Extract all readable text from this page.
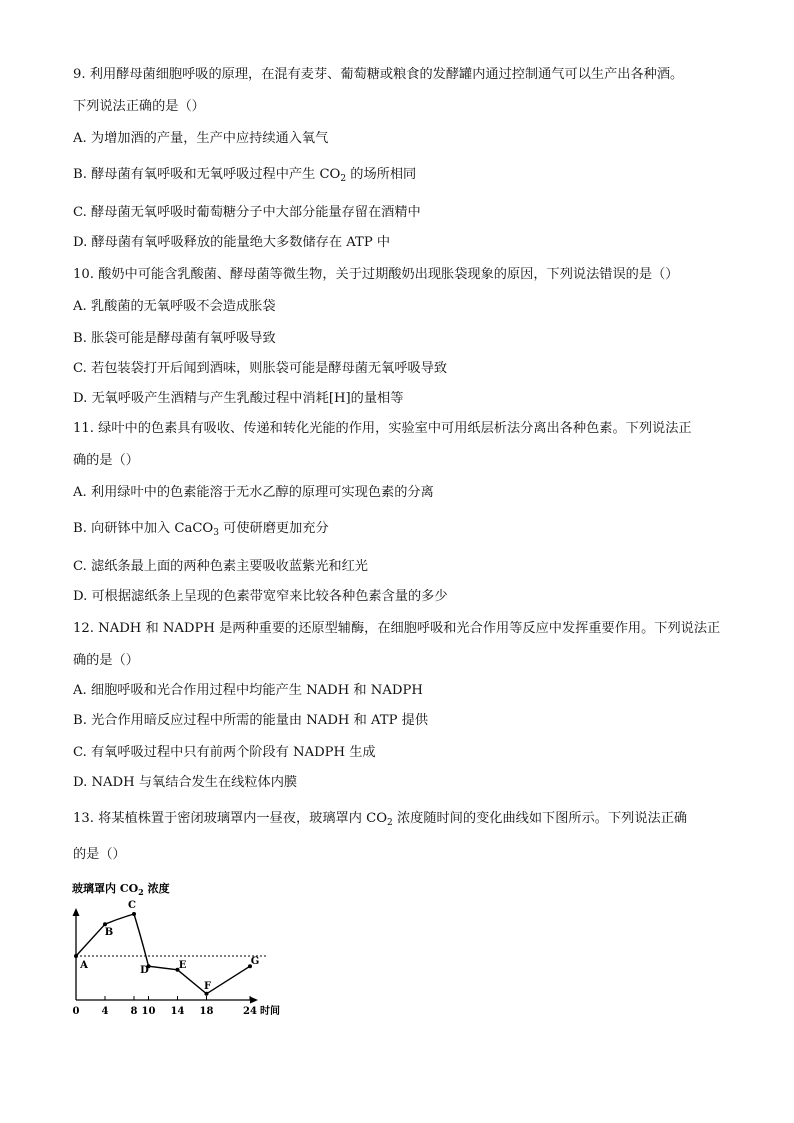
9. 利用酵母菌细胞呼吸的原理，在混有麦芽、葡萄糖或粮食的发酵罐内通过控制通气可以生产出各种酒。
下列说法正确的是（）
A. 为增加酒的产量，生产中应持续通入氧气
B. 酵母菌有氧呼吸和无氧呼吸过程中产生 $CO_2$ 的场所相同
C. 酵母菌无氧呼吸时葡萄糖分子中大部分能量存留在酒精中
D. 酵母菌有氧呼吸释放的能量绝大多数储存在 ATP 中
10. 酸奶中可能含乳酸菌、酵母菌等微生物，关于过期酸奶出现胀袋现象的原因，下列说法错误的是（）
A. 乳酸菌的无氧呼吸不会造成胀袋
B. 胀袋可能是酵母菌有氧呼吸导致
C. 若包装袋打开后闻到酒味，则胀袋可能是酵母菌无氧呼吸导致
D. 无氧呼吸产生酒精与产生乳酸过程中消耗[H]的量相等
11. 绿叶中的色素具有吸收、传递和转化光能的作用，实验室中可用纸层析法分离出各种色素。下列说法正
确的是（）
A. 利用绿叶中的色素能溶于无水乙醇的原理可实现色素的分离
B. 向研钵中加入 CaCO$_3$ 可使研磨更加充分
C. 滤纸条最上面的两种色素主要吸收蓝紫光和红光
D. 可根据滤纸条上呈现的色素带宽窄来比较各种色素含量的多少
12. NADH 和 NADPH 是两种重要的还原型辅酶，在细胞呼吸和光合作用等反应中发挥重要作用。下列说法正
确的是（）
A. 细胞呼吸和光合作用过程中均能产生 NADH 和 NADPH
B. 光合作用暗反应过程中所需的能量由 NADH 和 ATP 提供
C. 有氧呼吸过程中只有前两个阶段有 NADPH 生成
D. NADH 与氧结合发生在线粒体内膜
13. 将某植株置于密闭玻璃罩内一昼夜，玻璃罩内 $CO_2$ 浓度随时间的变化曲线如下图所示。下列说法正确
的是（）
玻璃罩内 $CO_2$ 浓度
0 4 8 10 14 18	24 时间
A
B
C
D	E
F
G
